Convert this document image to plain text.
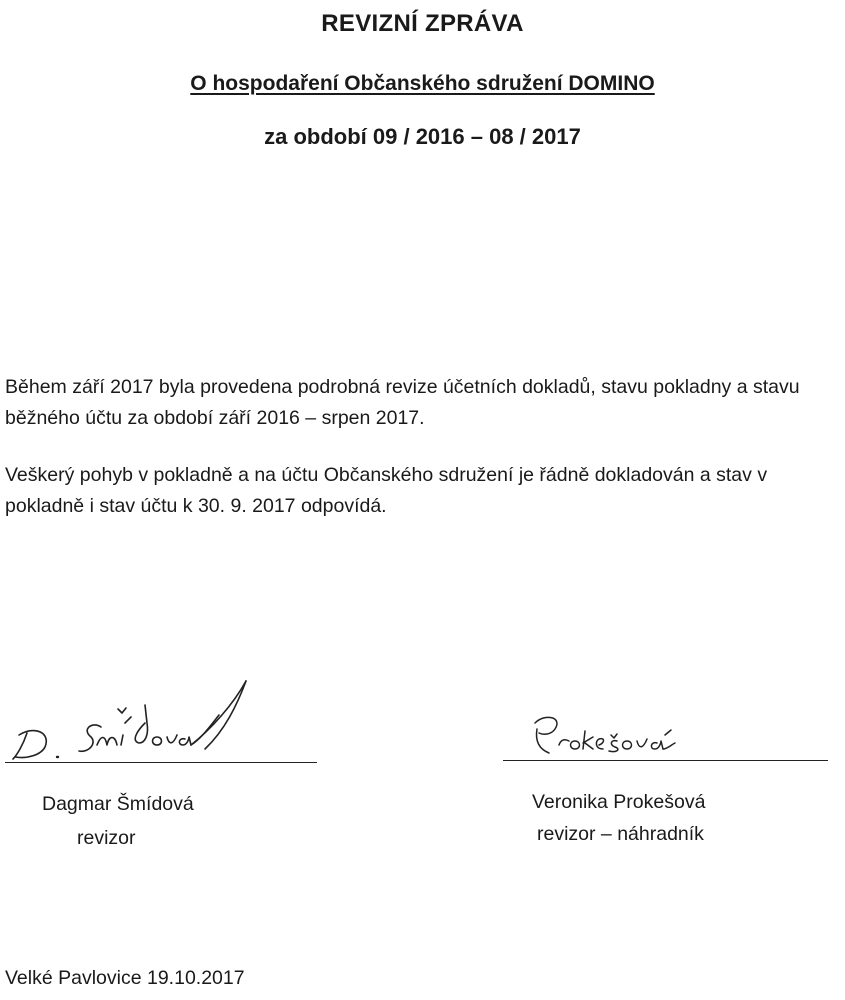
REVIZNÍ ZPRÁVA
O hospodaření Občanského sdružení DOMINO
za období 09 / 2016 – 08 / 2017

Během září 2017 byla provedena podrobná revize účetních dokladů, stavu pokladny a stavu běžného účtu za období září 2016 – srpen 2017.

Veškerý pohyb v pokladně a na účtu Občanského sdružení je řádně dokladován a stav v pokladně i stav účtu k 30. 9. 2017 odpovídá.

Dagmar Šmídová
revizor
Veronika Prokešová
revizor – náhradník
Velké Pavlovice 19.10.2017
